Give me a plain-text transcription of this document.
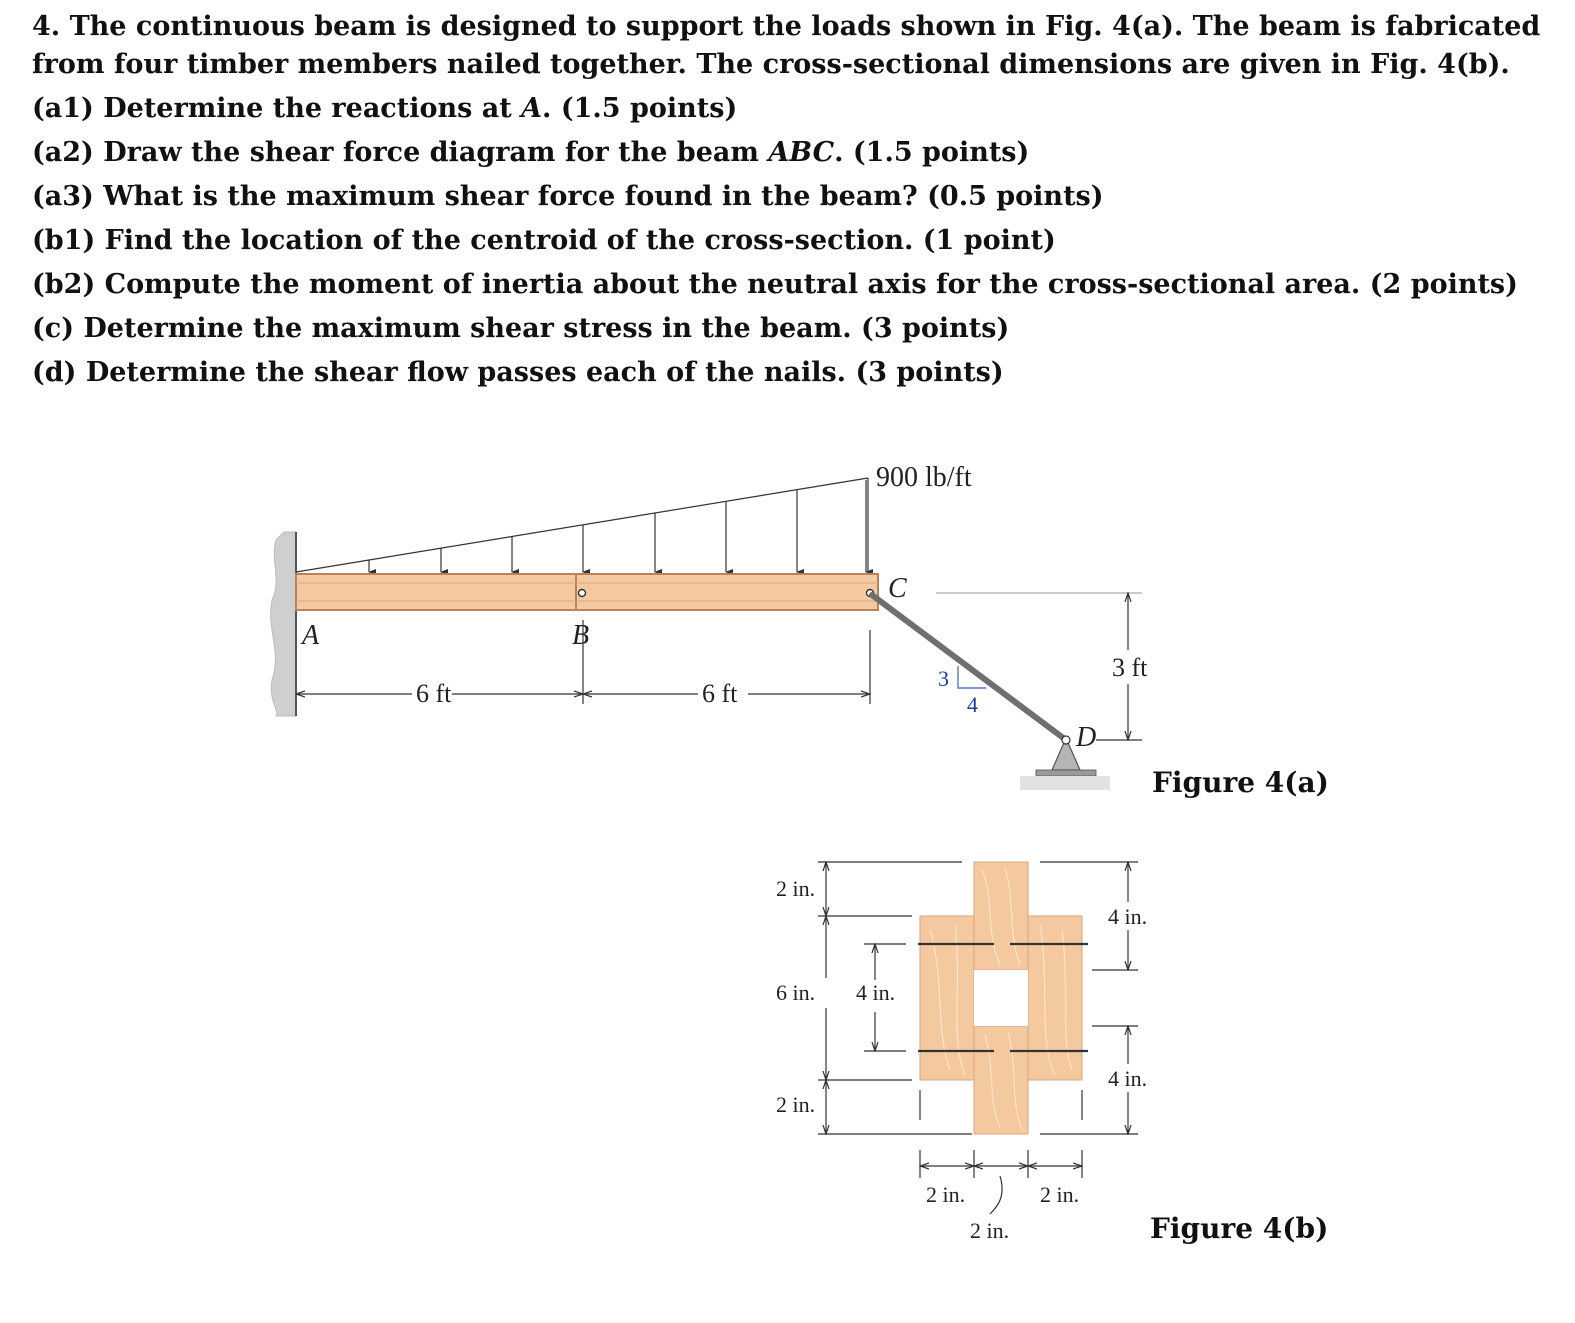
4. The continuous beam is designed to support the loads shown in Fig. 4(a). The beam is fabricated
from four timber members nailed together. The cross-sectional dimensions are given in Fig. 4(b).
(a1) Determine the reactions at A. (1.5 points)
(a2) Draw the shear force diagram for the beam ABC. (1.5 points)
(a3) What is the maximum shear force found in the beam? (0.5 points)
(b1) Find the location of the centroid of the cross-section. (1 point)
(b2) Compute the moment of inertia about the neutral axis for the cross-sectional area. (2 points)
(c) Determine the maximum shear stress in the beam. (3 points)
(d) Determine the shear flow passes each of the nails. (3 points)
900 lb/ft
A	B
C
D
3
4
6 ft	6 ft
3 ft
Figure 4(a)
2 in.
6 in.
2 in.
4 in.
4 in.
4 in.
2 in.
2 in.
2 in.
Figure 4(b)
